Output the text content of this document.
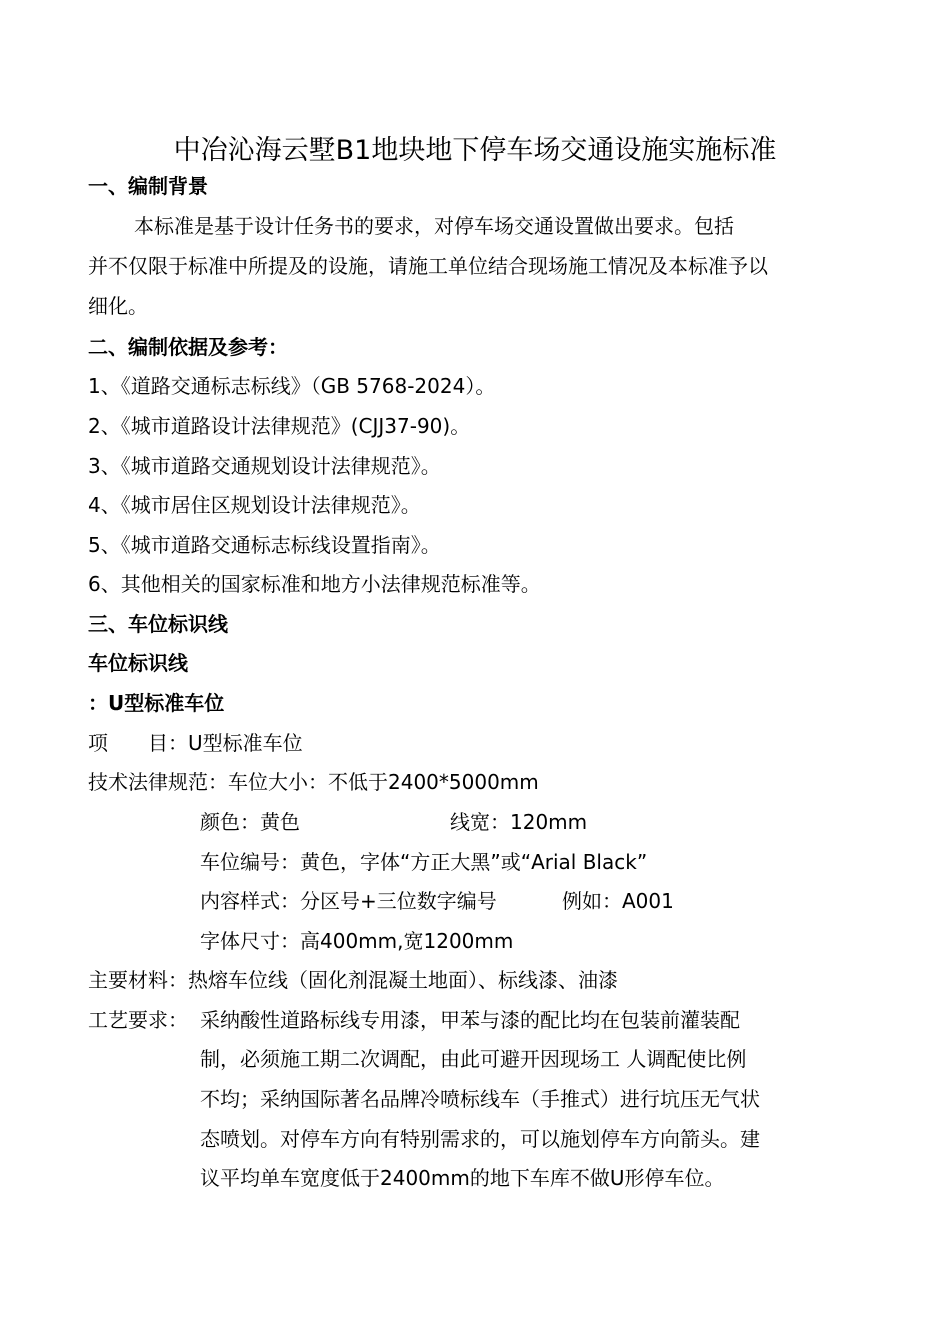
中冶沁海云墅B1地块地下停车场交通设施实施标准
一、编制背景
本标准是基于设计任务书的要求，对停车场交通设置做出要求。包括
并不仅限于标准中所提及的设施，请施工单位结合现场施工情况及本标准予以
细化。
二、编制依据及参考：
1、《道路交通标志标线》（GB 5768-2024）。
2、《城市道路设计法律规范》(CJJ37-90)。
3、《城市道路交通规划设计法律规范》。
4、《城市居住区规划设计法律规范》。
5、《城市道路交通标志标线设置指南》。
6、其他相关的国家标准和地方小法律规范标准等。
三、车位标识线
车位标识线
：U型标准车位
项　　目：U型标准车位
技术法律规范：车位大小：不低于2400*5000mm
颜色：黄色	线宽：120mm
车位编号：黄色，字体“方正大黑”或“Arial Black”
内容样式：分区号+三位数字编号	例如：A001
字体尺寸：高400mm,宽1200mm
主要材料：热熔车位线（固化剂混凝土地面）、标线漆、油漆
工艺要求： 采纳酸性道路标线专用漆，甲苯与漆的配比均在包装前灌装配
制，必须施工期二次调配，由此可避开因现场工 人调配使比例
不均；采纳国际著名品牌冷喷标线车（手推式）进行坑压无气状
态喷划。对停车方向有特别需求的，可以施划停车方向箭头。建
议平均单车宽度低于2400mm的地下车库不做U形停车位。
